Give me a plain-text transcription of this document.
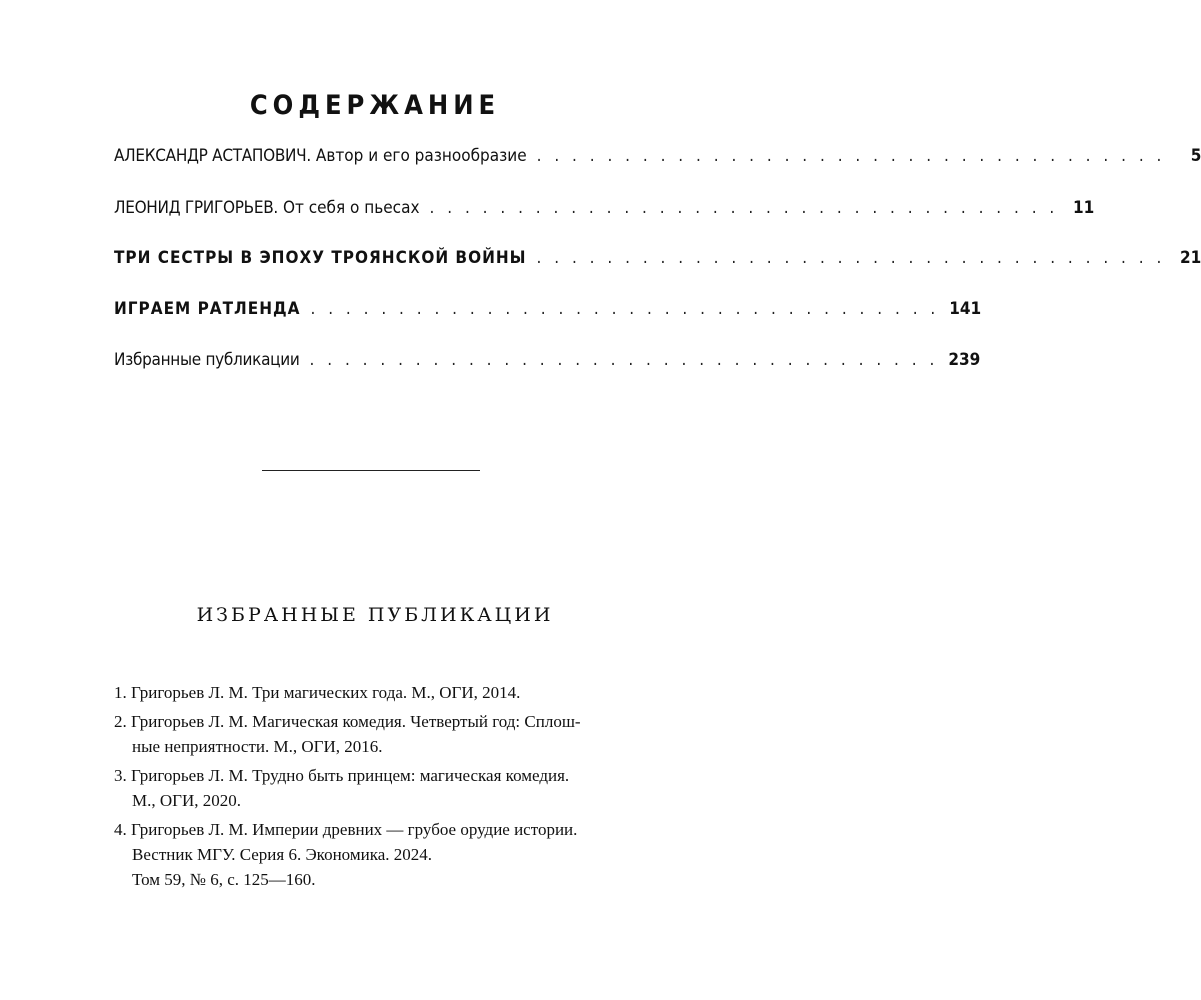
СОДЕРЖАНИЕ
АЛЕКСАНДР АСТАПОВИЧ. Автор и его разнообразие . . . . . . . . . . . . . . . . . . . . . . . . . . . . . . . . . . . .	5
ЛЕОНИД ГРИГОРЬЕВ. От себя о пьесах . . . . . . . . . . . . . . . . . . . . . . . . . . . . . . . . . . . . 11
ТРИ СЕСТРЫ В ЭПОХУ ТРОЯНСКОЙ ВОЙНЫ . . . . . . . . . . . . . . . . . . . . . . . . . . . . . . . . . . . . 21
ИГРАЕМ РАТЛЕНДА . . . . . . . . . . . . . . . . . . . . . . . . . . . . . . . . . . . . 141
Избранные публикации . . . . . . . . . . . . . . . . . . . . . . . . . . . . . . . . . . . . 239
ИЗБРАННЫЕ ПУБЛИКАЦИИ
1. Григорьев Л. М. Три магических года. М., ОГИ, 2014.
2. Григорьев Л. М. Магическая комедия. Четвертый год: Сплош-
ные неприятности. М., ОГИ, 2016.
3. Григорьев Л. М. Трудно быть принцем: магическая комедия.
М., ОГИ, 2020.
4. Григорьев Л. М. Империи древних — грубое орудие истории.
Вестник МГУ. Серия 6. Экономика. 2024.
Том 59, № 6, с. 125—160.
